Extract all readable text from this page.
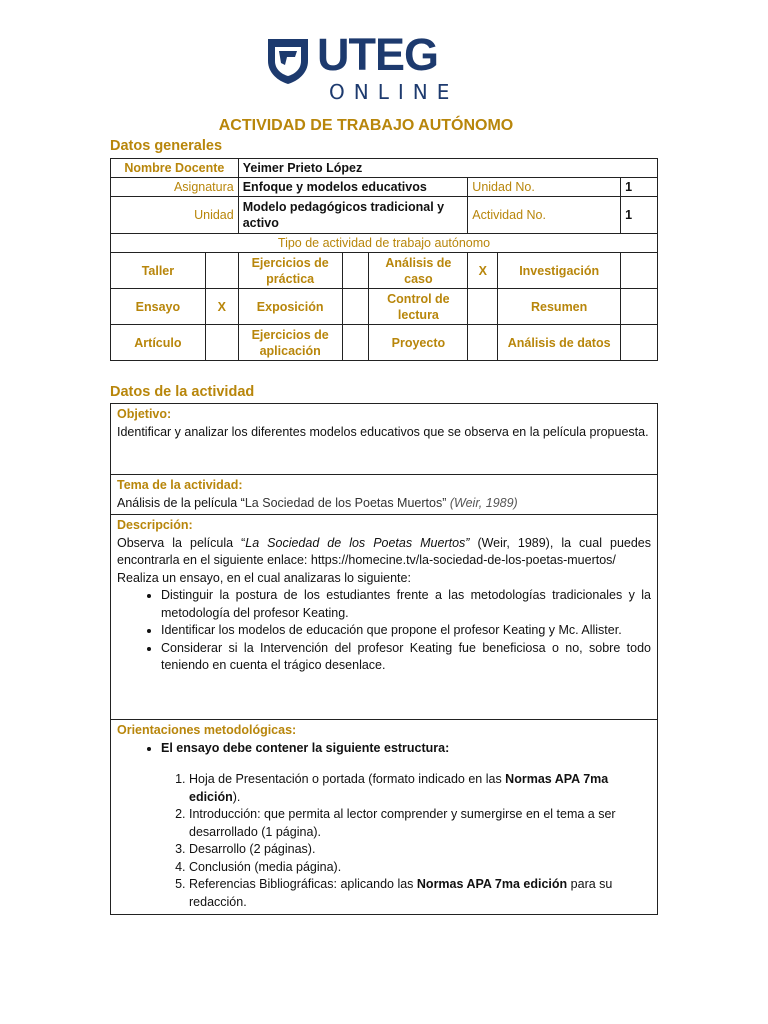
UTEG
ONLINE
ACTIVIDAD DE TRABAJO AUTÓNOMO
Datos generales
Nombre Docente		Yeimer Prieto López					
Asignatura		Enfoque y modelos educativos			Unidad No.		1
Unidad		Modelo pedagógicos tradicional y activo			Actividad No.		1
Tipo de actividad de trabajo autónomo							
Taller		Ejercicios de práctica		Análisis de caso	X	Investigación	
Ensayo	X	Exposición		Control de lectura		Resumen	
Artículo		Ejercicios de aplicación		Proyecto		Análisis de datos	
Datos de la actividad
Objetivo:
Identificar y analizar los diferentes modelos educativos que se observa en la película propuesta.

Tema de la actividad:
Análisis de la película “La Sociedad de los Poetas Muertos” (Weir, 1989)

Descripción:
Observa la película “La Sociedad de los Poetas Muertos” (Weir, 1989), la cual puedes encontrarla en el siguiente enlace: https://homecine.tv/la-sociedad-de-los-poetas-muertos/
Realiza un ensayo, en el cual analizaras lo siguiente:
• Distinguir la postura de los estudiantes frente a las metodologías tradicionales y la metodología del profesor Keating.
• Identificar los modelos de educación que propone el profesor Keating y Mc. Allister.
• Considerar si la Intervención del profesor Keating fue beneficiosa o no, sobre todo teniendo en cuenta el trágico desenlace.

Orientaciones metodológicas:
• El ensayo debe contener la siguiente estructura:
1. Hoja de Presentación o portada (formato indicado en las Normas APA 7ma edición).
2. Introducción: que permita al lector comprender y sumergirse en el tema a ser desarrollado (1 página).
3. Desarrollo (2 páginas).
4. Conclusión (media página).
5. Referencias Bibliográficas: aplicando las Normas APA 7ma edición para su redacción.
